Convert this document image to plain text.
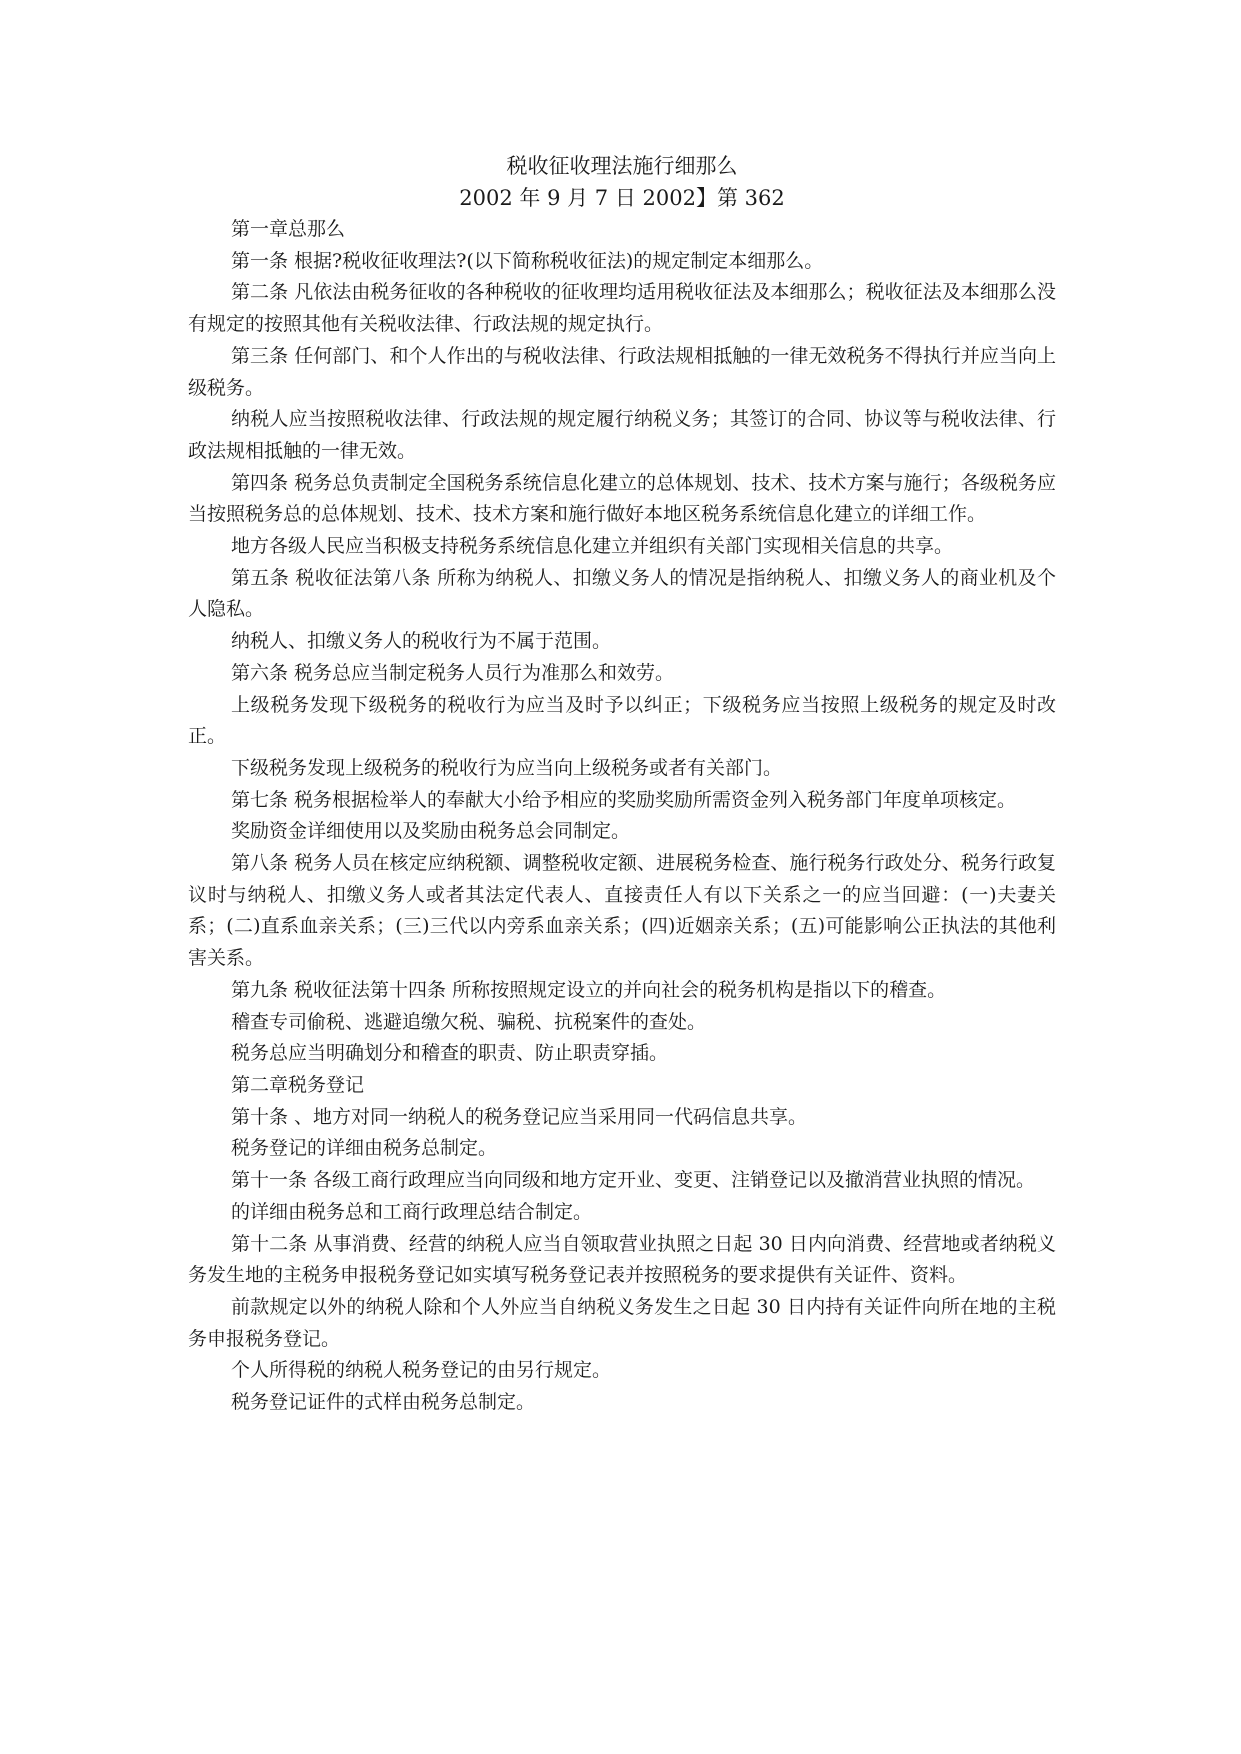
税收征收理法施行细那么

2002 年 9 月 7 日 2002】第 362

第一章总那么

第一条 根据?税收征收理法?(以下简称税收征法)的规定制定本细那么。

第二条 凡依法由税务征收的各种税收的征收理均适用税收征法及本细那么；税收征法及本细那么没有规定的按照其他有关税收法律、行政法规的规定执行。

第三条 任何部门、和个人作出的与税收法律、行政法规相抵触的一律无效税务不得执行并应当向上级税务。

纳税人应当按照税收法律、行政法规的规定履行纳税义务；其签订的合同、协议等与税收法律、行政法规相抵触的一律无效。

第四条 税务总负责制定全国税务系统信息化建立的总体规划、技术、技术方案与施行；各级税务应当按照税务总的总体规划、技术、技术方案和施行做好本地区税务系统信息化建立的详细工作。

地方各级人民应当积极支持税务系统信息化建立并组织有关部门实现相关信息的共享。

第五条 税收征法第八条 所称为纳税人、扣缴义务人的情况是指纳税人、扣缴义务人的商业机及个人隐私。

纳税人、扣缴义务人的税收行为不属于范围。

第六条 税务总应当制定税务人员行为准那么和效劳。

上级税务发现下级税务的税收行为应当及时予以纠正；下级税务应当按照上级税务的规定及时改正。

下级税务发现上级税务的税收行为应当向上级税务或者有关部门。

第七条 税务根据检举人的奉献大小给予相应的奖励奖励所需资金列入税务部门年度单项核定。

奖励资金详细使用以及奖励由税务总会同制定。

第八条 税务人员在核定应纳税额、调整税收定额、进展税务检查、施行税务行政处分、税务行政复议时与纳税人、扣缴义务人或者其法定代表人、直接责任人有以下关系之一的应当回避：(一)夫妻关系；(二)直系血亲关系；(三)三代以内旁系血亲关系；(四)近姻亲关系；(五)可能影响公正执法的其他利害关系。

第九条 税收征法第十四条 所称按照规定设立的并向社会的税务机构是指以下的稽查。

稽查专司偷税、逃避追缴欠税、骗税、抗税案件的查处。

税务总应当明确划分和稽查的职责、防止职责穿插。

第二章税务登记

第十条 、地方对同一纳税人的税务登记应当采用同一代码信息共享。

税务登记的详细由税务总制定。

第十一条 各级工商行政理应当向同级和地方定开业、变更、注销登记以及撤消营业执照的情况。

的详细由税务总和工商行政理总结合制定。

第十二条 从事消费、经营的纳税人应当自领取营业执照之日起 30 日内向消费、经营地或者纳税义务发生地的主税务申报税务登记如实填写税务登记表并按照税务的要求提供有关证件、资料。

前款规定以外的纳税人除和个人外应当自纳税义务发生之日起 30 日内持有关证件向所在地的主税务申报税务登记。

个人所得税的纳税人税务登记的由另行规定。

税务登记证件的式样由税务总制定。
